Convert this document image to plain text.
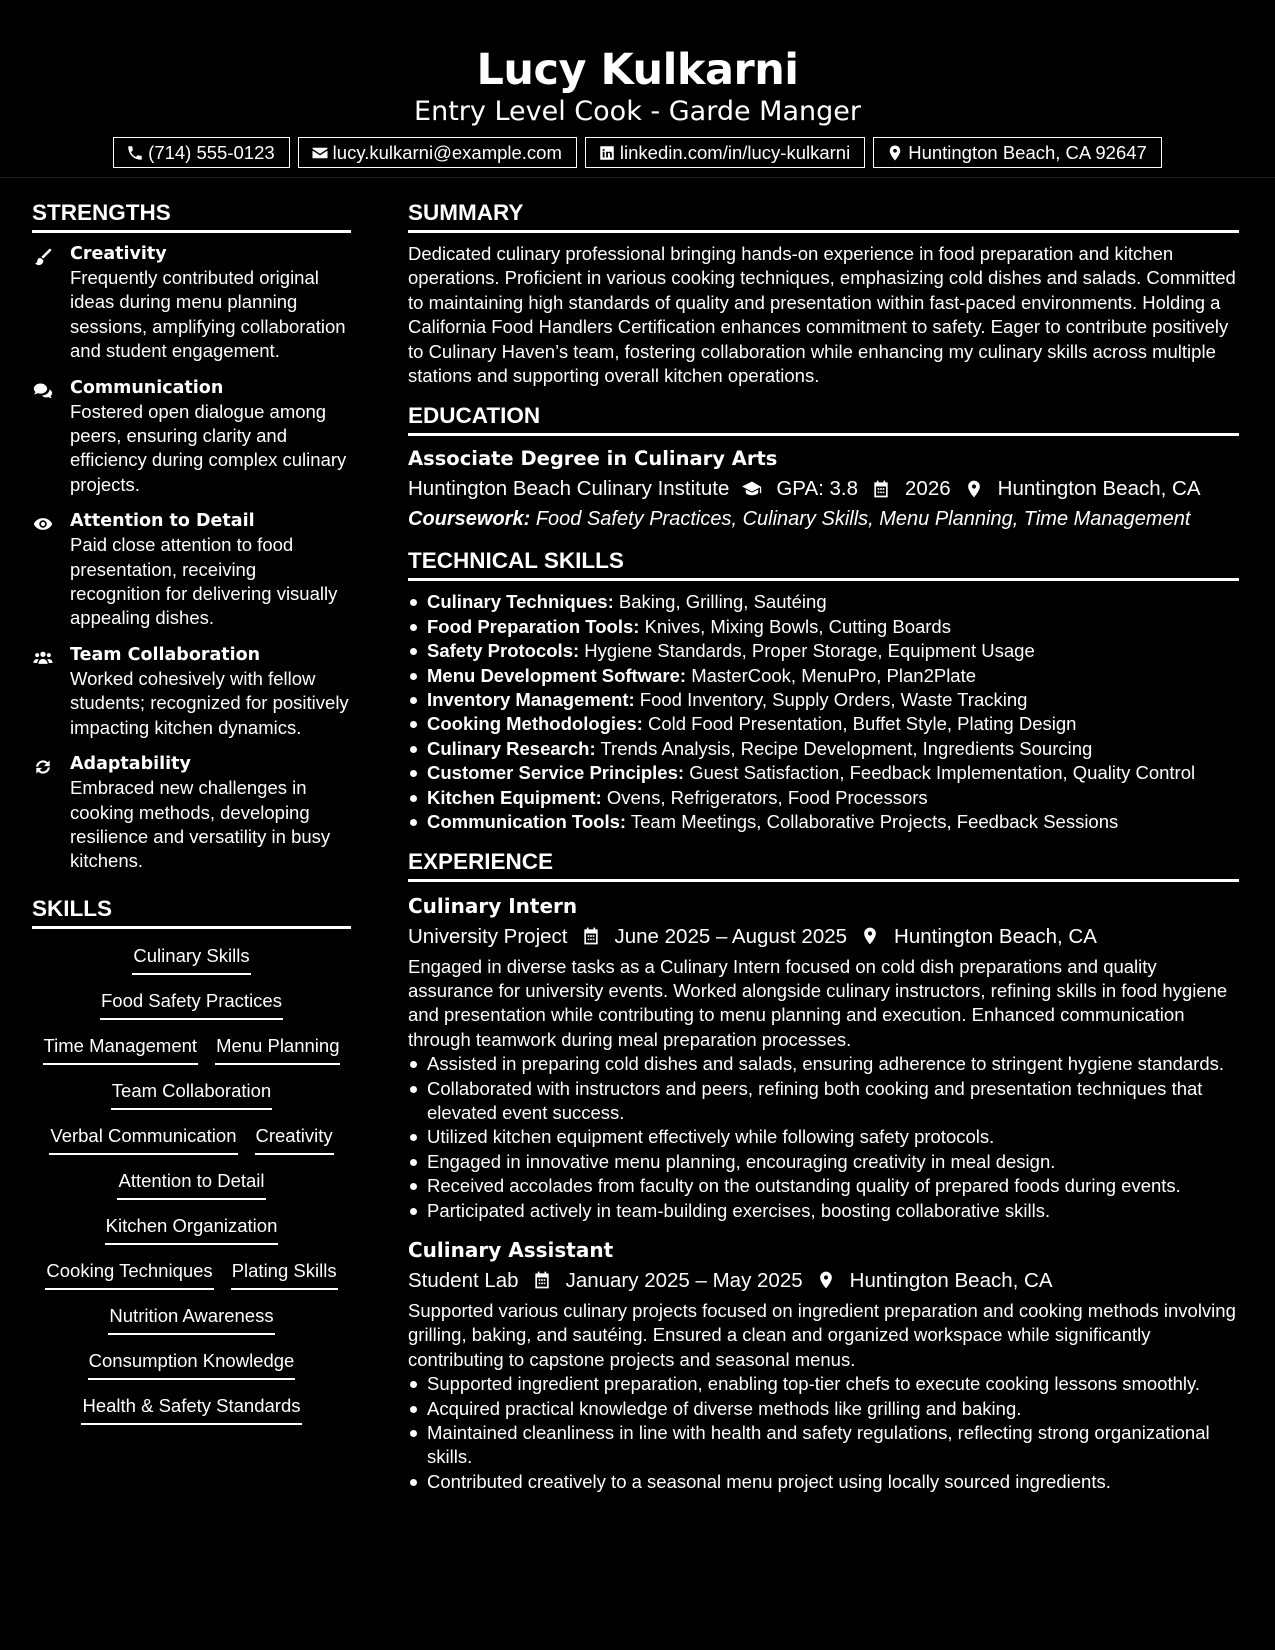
Lucy Kulkarni
Entry Level Cook - Garde Manger
(714) 555-0123	lucy.kulkarni@example.com	linkedin.com/in/lucy-kulkarni	Huntington Beach, CA 92647
STRENGTHS
Creativity
Frequently contributed original ideas during menu planning sessions, amplifying collaboration and student engagement.
Communication
Fostered open dialogue among peers, ensuring clarity and efficiency during complex culinary projects.
Attention to Detail
Paid close attention to food presentation, receiving recognition for delivering visually appealing dishes.
Team Collaboration
Worked cohesively with fellow students; recognized for positively impacting kitchen dynamics.
Adaptability
Embraced new challenges in cooking methods, developing resilience and versatility in busy kitchens.
SKILLS
Culinary Skills
Food Safety Practices
Time Management Menu Planning
Team Collaboration
Verbal Communication Creativity
Attention to Detail
Kitchen Organization
Cooking Techniques Plating Skills
Nutrition Awareness
Consumption Knowledge
Health & Safety Standards
SUMMARY
Dedicated culinary professional bringing hands-on experience in food preparation and kitchen operations. Proficient in various cooking techniques, emphasizing cold dishes and salads. Committed to maintaining high standards of quality and presentation within fast-paced environments. Holding a California Food Handlers Certification enhances commitment to safety. Eager to contribute positively to Culinary Haven’s team, fostering collaboration while enhancing my culinary skills across multiple stations and supporting overall kitchen operations.
EDUCATION
Associate Degree in Culinary Arts
Huntington Beach Culinary Institute GPA: 3.8 2026 Huntington Beach, CA
Coursework: Food Safety Practices, Culinary Skills, Menu Planning, Time Management
TECHNICAL SKILLS
Culinary Techniques: Baking, Grilling, Sautéing
Food Preparation Tools: Knives, Mixing Bowls, Cutting Boards
Safety Protocols: Hygiene Standards, Proper Storage, Equipment Usage
Menu Development Software: MasterCook, MenuPro, Plan2Plate
Inventory Management: Food Inventory, Supply Orders, Waste Tracking
Cooking Methodologies: Cold Food Presentation, Buffet Style, Plating Design
Culinary Research: Trends Analysis, Recipe Development, Ingredients Sourcing
Customer Service Principles: Guest Satisfaction, Feedback Implementation, Quality Control
Kitchen Equipment: Ovens, Refrigerators, Food Processors
Communication Tools: Team Meetings, Collaborative Projects, Feedback Sessions
EXPERIENCE
Culinary Intern
University Project June 2025 – August 2025 Huntington Beach, CA
Engaged in diverse tasks as a Culinary Intern focused on cold dish preparations and quality assurance for university events. Worked alongside culinary instructors, refining skills in food hygiene and presentation while contributing to menu planning and execution. Enhanced communication through teamwork during meal preparation processes.
Assisted in preparing cold dishes and salads, ensuring adherence to stringent hygiene standards.
Collaborated with instructors and peers, refining both cooking and presentation techniques that elevated event success.
Utilized kitchen equipment effectively while following safety protocols.
Engaged in innovative menu planning, encouraging creativity in meal design.
Received accolades from faculty on the outstanding quality of prepared foods during events.
Participated actively in team-building exercises, boosting collaborative skills.
Culinary Assistant
Student Lab January 2025 – May 2025 Huntington Beach, CA
Supported various culinary projects focused on ingredient preparation and cooking methods involving grilling, baking, and sautéing. Ensured a clean and organized workspace while significantly contributing to capstone projects and seasonal menus.
Supported ingredient preparation, enabling top-tier chefs to execute cooking lessons smoothly.
Acquired practical knowledge of diverse methods like grilling and baking.
Maintained cleanliness in line with health and safety regulations, reflecting strong organizational skills.
Contributed creatively to a seasonal menu project using locally sourced ingredients.
